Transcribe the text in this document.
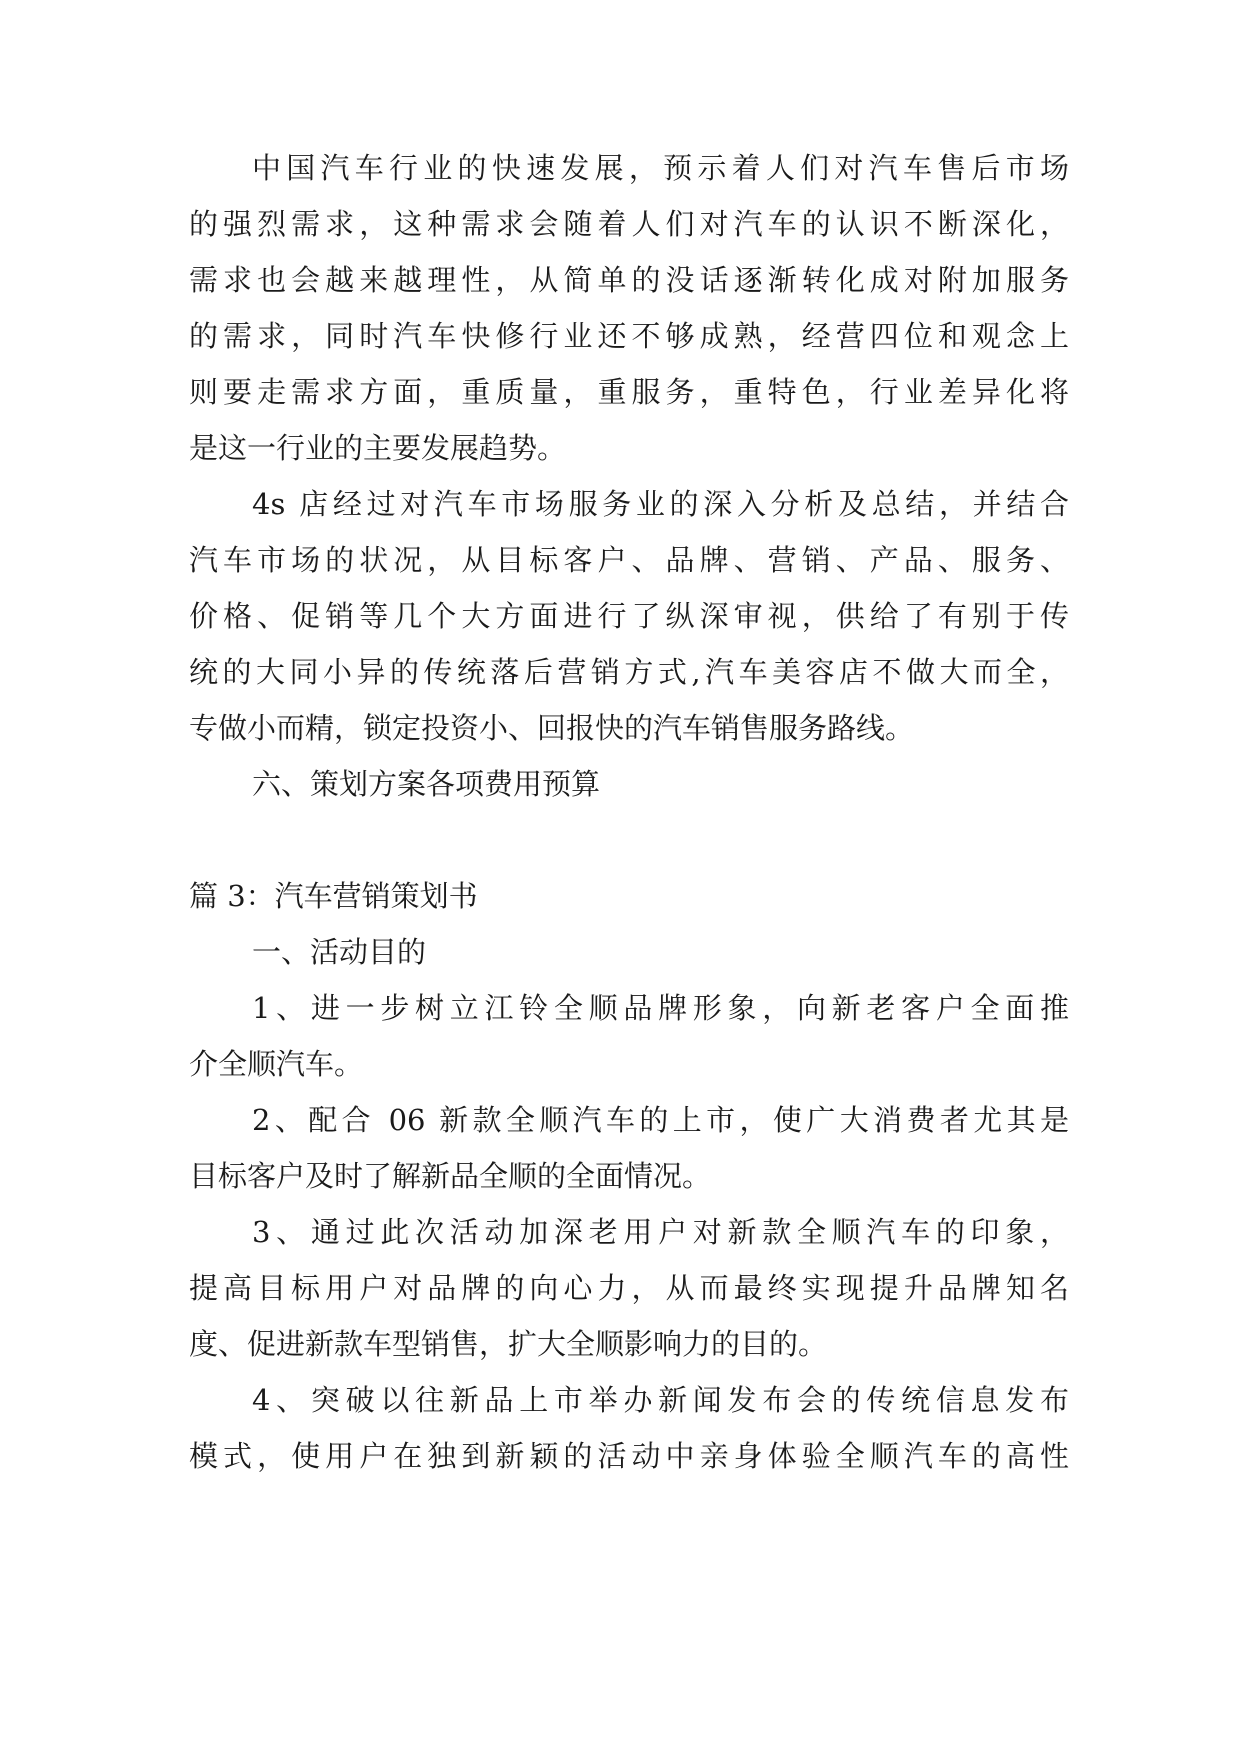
中国汽车行业的快速发展，预示着人们对汽车售后市场
的强烈需求，这种需求会随着人们对汽车的认识不断深化，
需求也会越来越理性，从简单的没话逐渐转化成对附加服务
的需求，同时汽车快修行业还不够成熟，经营四位和观念上
则要走需求方面，重质量，重服务，重特色，行业差异化将
是这一行业的主要发展趋势。
4s 店经过对汽车市场服务业的深入分析及总结，并结合
汽车市场的状况，从目标客户、品牌、营销、产品、服务、
价格、促销等几个大方面进行了纵深审视，供给了有别于传
统的大同小异的传统落后营销方式,汽车美容店不做大而全，
专做小而精，锁定投资小、回报快的汽车销售服务路线。
六、策划方案各项费用预算
篇 3：汽车营销策划书
一、活动目的
1、进一步树立江铃全顺品牌形象，向新老客户全面推
介全顺汽车。
2、配合 06 新款全顺汽车的上市，使广大消费者尤其是
目标客户及时了解新品全顺的全面情况。
3、通过此次活动加深老用户对新款全顺汽车的印象，
提高目标用户对品牌的向心力，从而最终实现提升品牌知名
度、促进新款车型销售，扩大全顺影响力的目的。
4、突破以往新品上市举办新闻发布会的传统信息发布
模式，使用户在独到新颖的活动中亲身体验全顺汽车的高性
